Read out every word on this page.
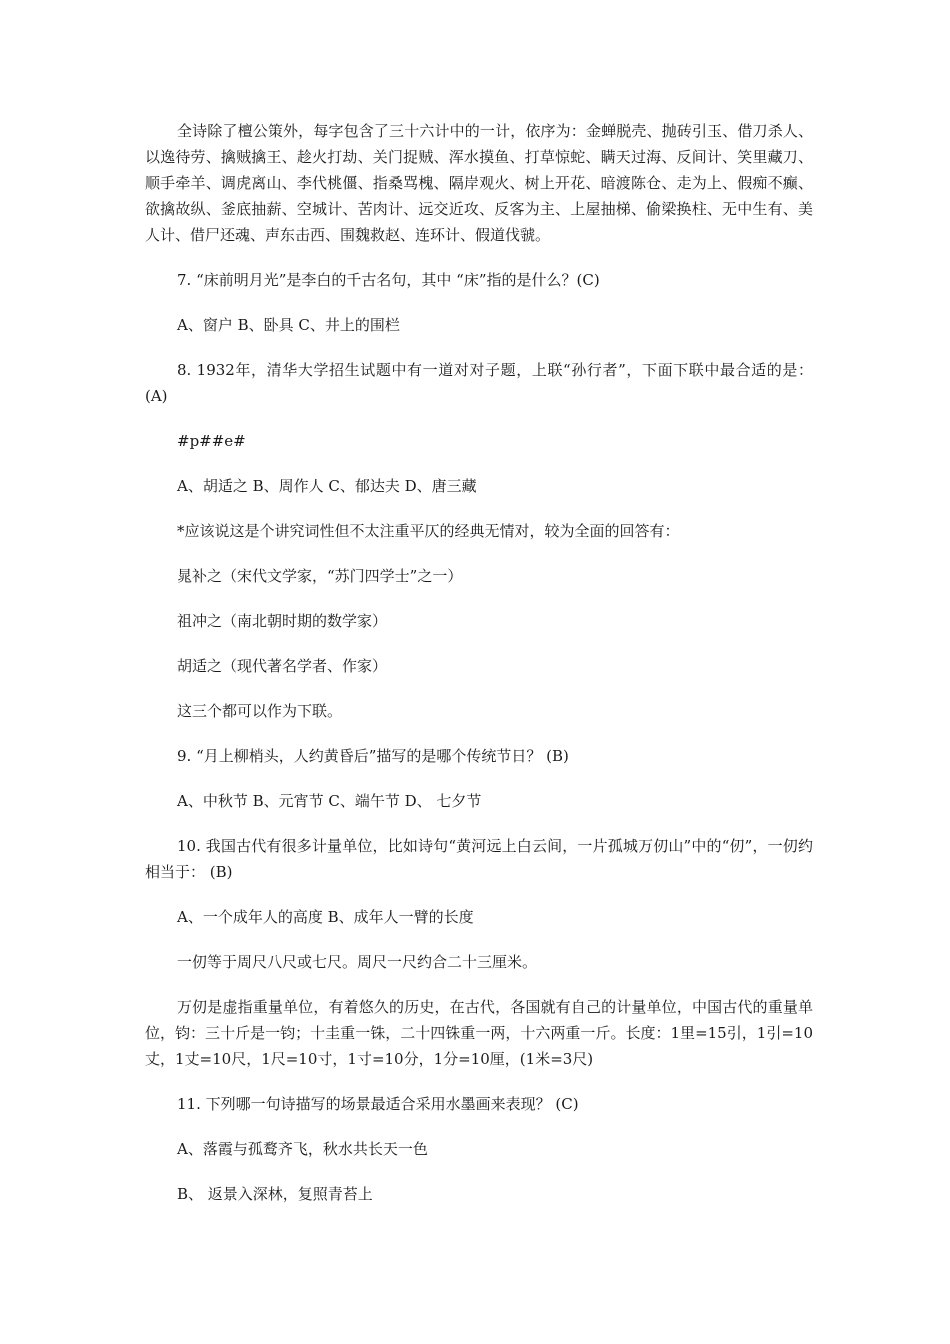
全诗除了檀公策外，每字包含了三十六计中的一计，依序为：金蝉脱壳、抛砖引玉、借刀杀人、以逸待劳、擒贼擒王、趁火打劫、关门捉贼、浑水摸鱼、打草惊蛇、瞒天过海、反间计、笑里藏刀、顺手牵羊、调虎离山、李代桃僵、指桑骂槐、隔岸观火、树上开花、暗渡陈仓、走为上、假痴不癫、欲擒故纵、釜底抽薪、空城计、苦肉计、远交近攻、反客为主、上屋抽梯、偷梁换柱、无中生有、美人计、借尸还魂、声东击西、围魏救赵、连环计、假道伐虢。

7. “床前明月光”是李白的千古名句，其中 “床”指的是什么？(C)

A、窗户 B、卧具 C、井上的围栏

8. 1932年，清华大学招生试题中有一道对对子题，上联“孙行者”，下面下联中最合适的是： (A)

#p##e#

A、胡适之 B、周作人 C、郁达夫 D、唐三藏

*应该说这是个讲究词性但不太注重平仄的经典无情对，较为全面的回答有：

晁补之（宋代文学家，“苏门四学士”之一）

祖冲之（南北朝时期的数学家）

胡适之（现代著名学者、作家）

这三个都可以作为下联。

9. “月上柳梢头，人约黄昏后”描写的是哪个传统节日？ (B)

A、中秋节 B、元宵节 C、端午节 D、 七夕节

10. 我国古代有很多计量单位，比如诗句“黄河远上白云间，一片孤城万仞山”中的“仞”，一仞约相当于： (B)

A、一个成年人的高度 B、成年人一臂的长度

一仞等于周尺八尺或七尺。周尺一尺约合二十三厘米。

万仞是虚指重量单位，有着悠久的历史，在古代，各国就有自己的计量单位，中国古代的重量单位，钧：三十斤是一钧；十圭重一铢，二十四铢重一两，十六两重一斤。长度：1里=15引，1引=10丈，1丈=10尺，1尺=10寸，1寸=10分，1分=10厘，(1米=3尺)

11. 下列哪一句诗描写的场景最适合采用水墨画来表现？ (C)

A、落霞与孤鹜齐飞，秋水共长天一色

B、 返景入深林，复照青苔上
